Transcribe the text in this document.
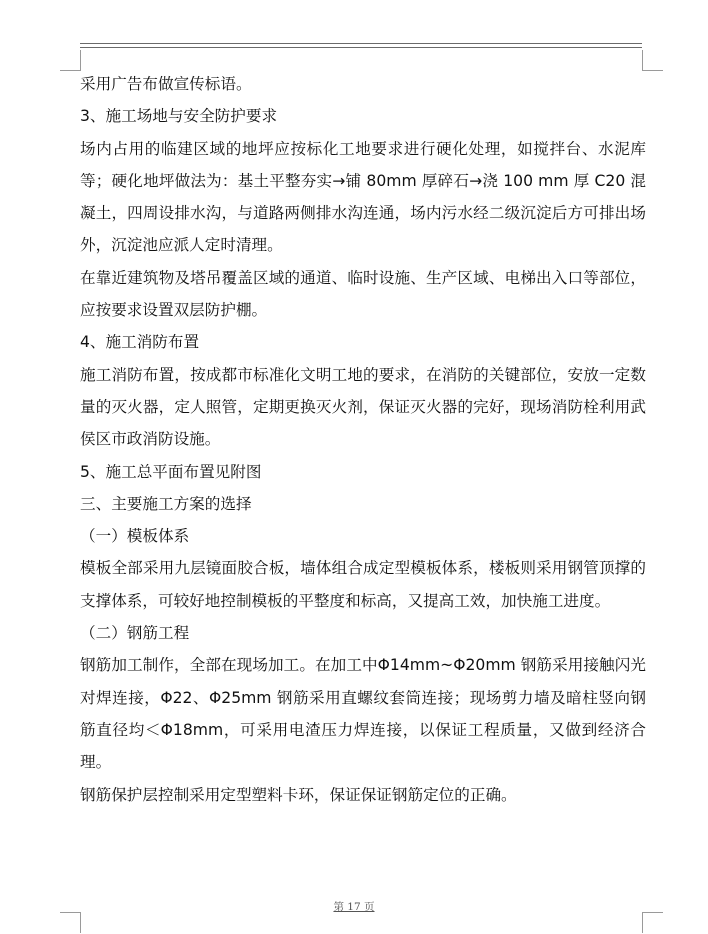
采用广告布做宣传标语。

3、施工场地与安全防护要求

场内占用的临建区域的地坪应按标化工地要求进行硬化处理，如搅拌台、水泥库等；硬化地坪做法为：基土平整夯实→铺 80mm 厚碎石→浇 100 mm 厚 C20 混凝土，四周设排水沟，与道路两侧排水沟连通，场内污水经二级沉淀后方可排出场外，沉淀池应派人定时清理。

在靠近建筑物及塔吊覆盖区域的通道、临时设施、生产区域、电梯出入口等部位，应按要求设置双层防护棚。

4、施工消防布置

施工消防布置，按成都市标准化文明工地的要求，在消防的关键部位，安放一定数量的灭火器，定人照管，定期更换灭火剂，保证灭火器的完好，现场消防栓利用武侯区市政消防设施。

5、施工总平面布置见附图

三、主要施工方案的选择

（一）模板体系

模板全部采用九层镜面胶合板，墙体组合成定型模板体系，楼板则采用钢管顶撑的支撑体系，可较好地控制模板的平整度和标高，又提高工效，加快施工进度。

（二）钢筋工程

钢筋加工制作，全部在现场加工。在加工中Φ14mm~Φ20mm 钢筋采用接触闪光对焊连接，Φ22、Φ25mm 钢筋采用直螺纹套筒连接；现场剪力墙及暗柱竖向钢筋直径均＜Φ18mm，可采用电渣压力焊连接，以保证工程质量，又做到经济合理。

钢筋保护层控制采用定型塑料卡环，保证保证钢筋定位的正确。

第 17 页
